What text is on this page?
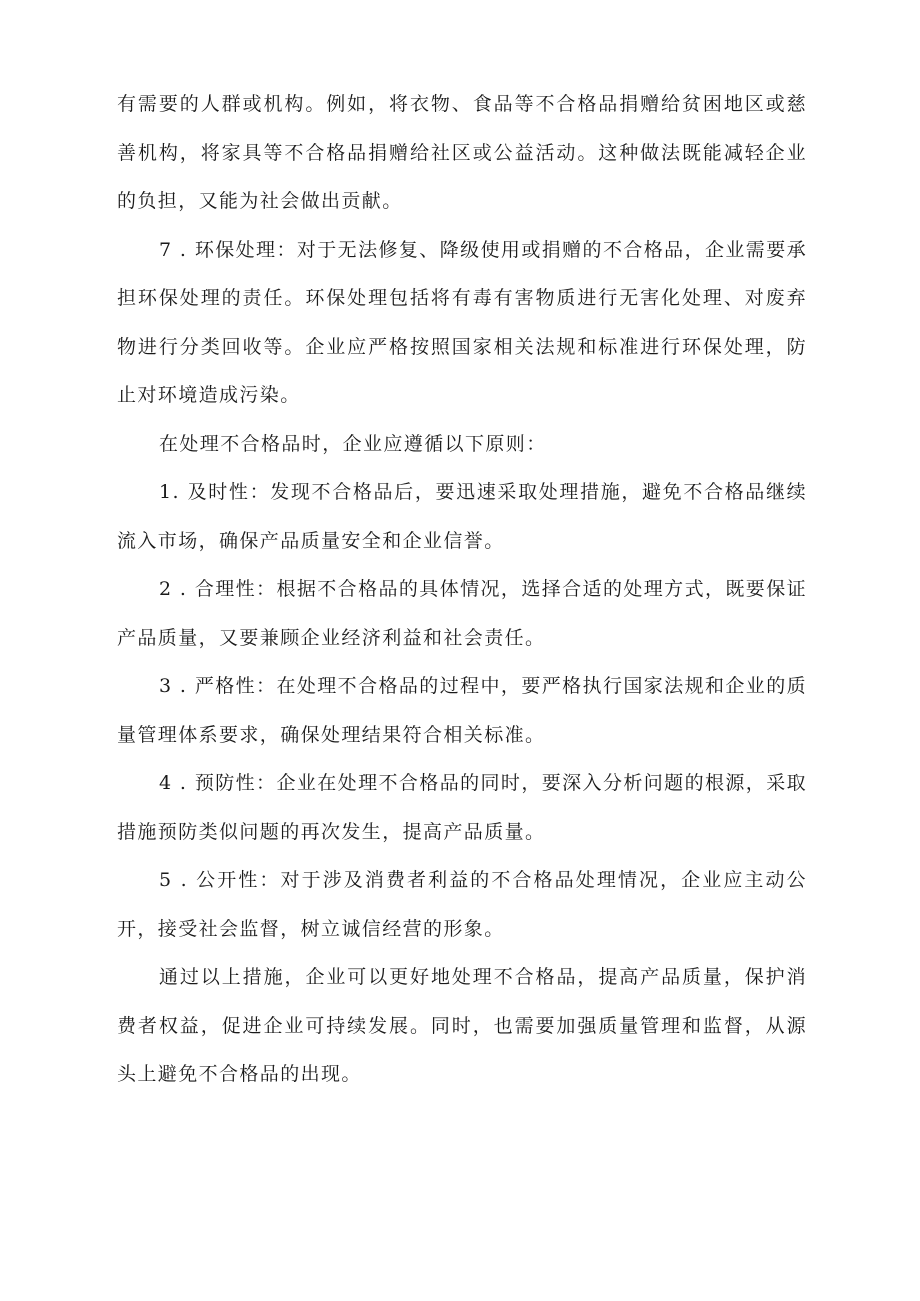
有需要的人群或机构。例如，将衣物、食品等不合格品捐赠给贫困地区或慈善机构，将家具等不合格品捐赠给社区或公益活动。这种做法既能减轻企业的负担，又能为社会做出贡献。

7 . 环保处理：对于无法修复、降级使用或捐赠的不合格品，企业需要承担环保处理的责任。环保处理包括将有毒有害物质进行无害化处理、对废弃物进行分类回收等。企业应严格按照国家相关法规和标准进行环保处理，防止对环境造成污染。

在处理不合格品时，企业应遵循以下原则：

1. 及时性：发现不合格品后，要迅速采取处理措施，避免不合格品继续流入市场，确保产品质量安全和企业信誉。

2 . 合理性：根据不合格品的具体情况，选择合适的处理方式，既要保证产品质量，又要兼顾企业经济利益和社会责任。

3 . 严格性：在处理不合格品的过程中，要严格执行国家法规和企业的质量管理体系要求，确保处理结果符合相关标准。

4 . 预防性：企业在处理不合格品的同时，要深入分析问题的根源，采取措施预防类似问题的再次发生，提高产品质量。

5 . 公开性：对于涉及消费者利益的不合格品处理情况，企业应主动公开，接受社会监督，树立诚信经营的形象。

通过以上措施，企业可以更好地处理不合格品，提高产品质量，保护消费者权益，促进企业可持续发展。同时，也需要加强质量管理和监督，从源头上避免不合格品的出现。
